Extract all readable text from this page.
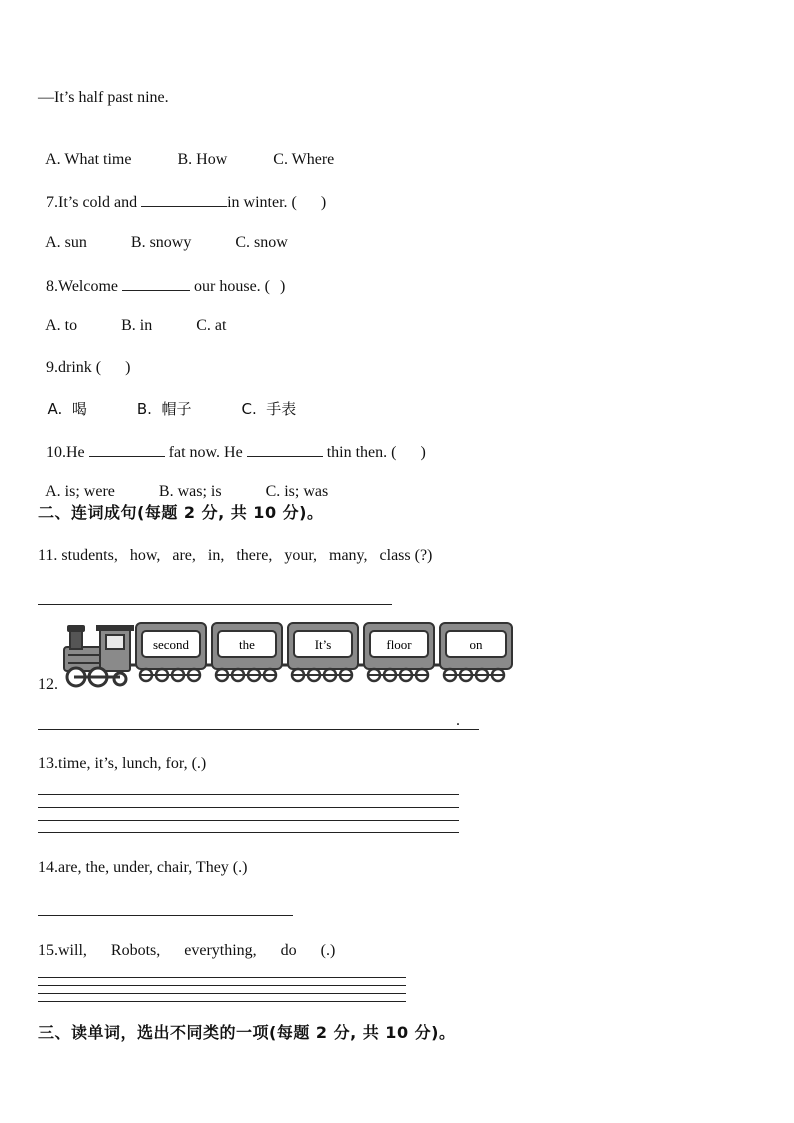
—It’s half past nine.

A. What time	B. How	C. Where

7.It’s cold and	in winter. ( )

A. sun	B. snowy	C. snow

8.Welcome	our house. ( )

A. to	B. in	C. at

9.drink ( )

A.  喝	B.  帽子	C.  手表

10.He	fat now. He	thin then. ( )

A. is; were	B. was; is	C. is; was

二、连词成句(每题 2 分, 共 10 分)。
11. students,   how,   are,   in,   there,   your,   many,   class (?)
12.
second	the	It’s	floor	on
.
13.time, it’s, lunch, for, (.)
14.are, the, under, chair, They (.)
15.will,      Robots,      everything,      do      (.)
三、读单词，选出不同类的一项(每题 2 分, 共 10 分)。
